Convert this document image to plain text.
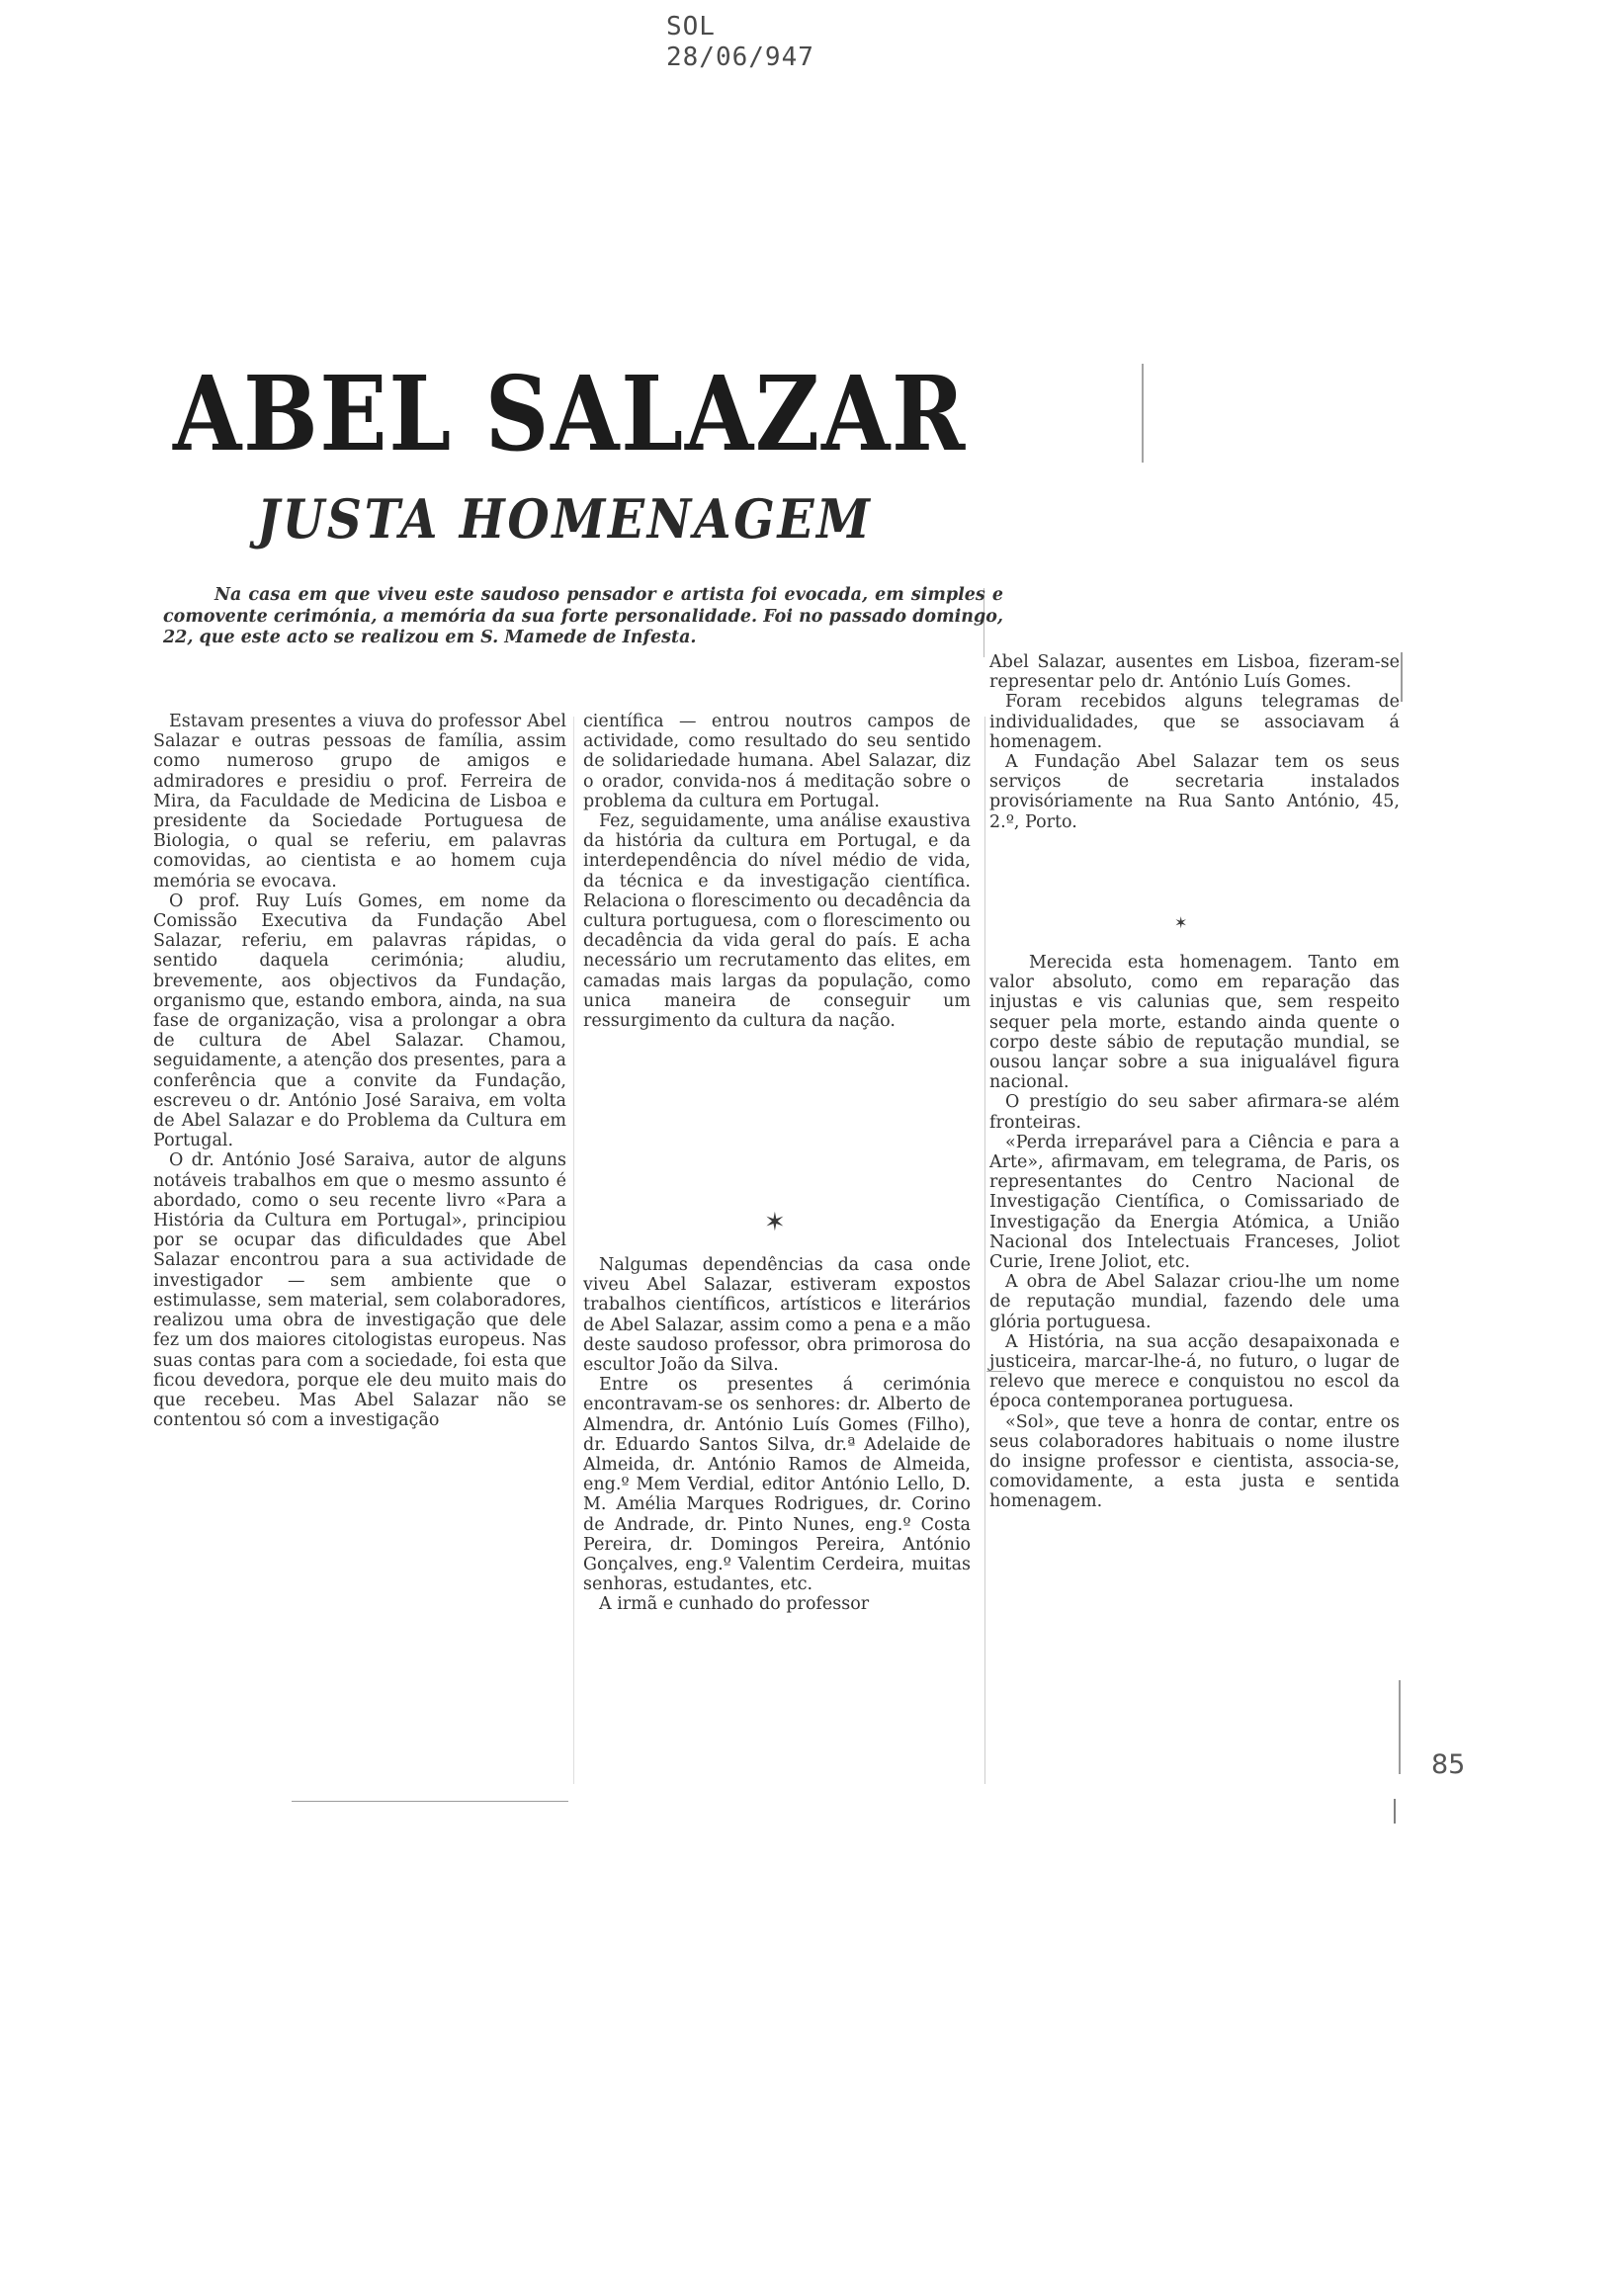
SOL
28/06/947
ABEL SALAZAR
JUSTA HOMENAGEM
Na casa em que viveu este saudoso pensador e artista foi evocada, em simples e comovente cerimónia, a memória da sua forte personalidade. Foi no passado domingo, 22, que este acto se realizou em S. Mamede de Infesta.

Estavam presentes a viuva do professor Abel Salazar e outras pessoas de família, assim como numeroso grupo de amigos e admiradores e presidiu o prof. Ferreira de Mira, da Faculdade de Medicina de Lisboa e presidente da Sociedade Portuguesa de Biologia, o qual se referiu, em palavras comovidas, ao cientista e ao homem cuja memória se evocava.

O prof. Ruy Luís Gomes, em nome da Comissão Executiva da Fundação Abel Salazar, referiu, em palavras rápidas, o sentido daquela cerimónia; aludiu, brevemente, aos objectivos da Fundação, organismo que, estando embora, ainda, na sua fase de organização, visa a prolongar a obra de cultura de Abel Salazar. Chamou, seguidamente, a atenção dos presentes, para a conferência que a convite da Fundação, escreveu o dr. António José Saraiva, em volta de Abel Salazar e do Problema da Cultura em Portugal.

O dr. António José Saraiva, autor de alguns notáveis trabalhos em que o mesmo assunto é abordado, como o seu recente livro «Para a História da Cultura em Portugal», principiou por se ocupar das dificuldades que Abel Salazar encontrou para a sua actividade de investigador — sem ambiente que o estimulasse, sem material, sem colaboradores, realizou uma obra de investigação que dele fez um dos maiores citologistas europeus. Nas suas contas para com a sociedade, foi esta que ficou devedora, porque ele deu muito mais do que recebeu. Mas Abel Salazar não se contentou só com a investigação

científica — entrou noutros campos de actividade, como resultado do seu sentido de solidariedade humana. Abel Salazar, diz o orador, convida-nos á meditação sobre o problema da cultura em Portugal.

Fez, seguidamente, uma análise exaustiva da história da cultura em Portugal, e da interdependência do nível médio de vida, da técnica e da investigação científica. Relaciona o florescimento ou decadência da cultura portuguesa, com o florescimento ou decadência da vida geral do país. E acha necessário um recrutamento das elites, em camadas mais largas da população, como unica maneira de conseguir um ressurgimento da cultura da nação.

✶

Nalgumas dependências da casa onde viveu Abel Salazar, estiveram expostos trabalhos científicos, artísticos e literários de Abel Salazar, assim como a pena e a mão deste saudoso professor, obra primorosa do escultor João da Silva.

Entre os presentes á cerimónia encontravam-se os senhores: dr. Alberto de Almendra, dr. António Luís Gomes (Filho), dr. Eduardo Santos Silva, dr.ª Adelaide de Almeida, dr. António Ramos de Almeida, eng.º Mem Verdial, editor António Lello, D. M. Amélia Marques Rodrigues, dr. Corino de Andrade, dr. Pinto Nunes, eng.º Costa Pereira, dr. Domingos Pereira, António Gonçalves, eng.º Valentim Cerdeira, muitas senhoras, estudantes, etc.

A irmã e cunhado do professor

Abel Salazar, ausentes em Lisboa, fizeram-se representar pelo dr. António Luís Gomes.

Foram recebidos alguns telegramas de individualidades, que se associavam á homenagem.

A Fundação Abel Salazar tem os seus serviços de secretaria instalados provisóriamente na Rua Santo António, 45, 2.º, Porto.

✶

Merecida esta homenagem. Tanto em valor absoluto, como em reparação das injustas e vis calunias que, sem respeito sequer pela morte, estando ainda quente o corpo deste sábio de reputação mundial, se ousou lançar sobre a sua inigualável figura nacional.

O prestígio do seu saber afirmara-se além fronteiras.

«Perda irreparável para a Ciência e para a Arte», afirmavam, em telegrama, de Paris, os representantes do Centro Nacional de Investigação Científica, o Comissariado de Investigação da Energia Atómica, a União Nacional dos Intelectuais Franceses, Joliot Curie, Irene Joliot, etc.

A obra de Abel Salazar criou-lhe um nome de reputação mundial, fazendo dele uma glória portuguesa.

A História, na sua acção desapaixonada e justiceira, marcar-lhe-á, no futuro, o lugar de relevo que merece e conquistou no escol da época contemporanea portuguesa.

«Sol», que teve a honra de contar, entre os seus colaboradores habituais o nome ilustre do insigne professor e cientista, associa-se, comovidamente, a esta justa e sentida homenagem.

85
